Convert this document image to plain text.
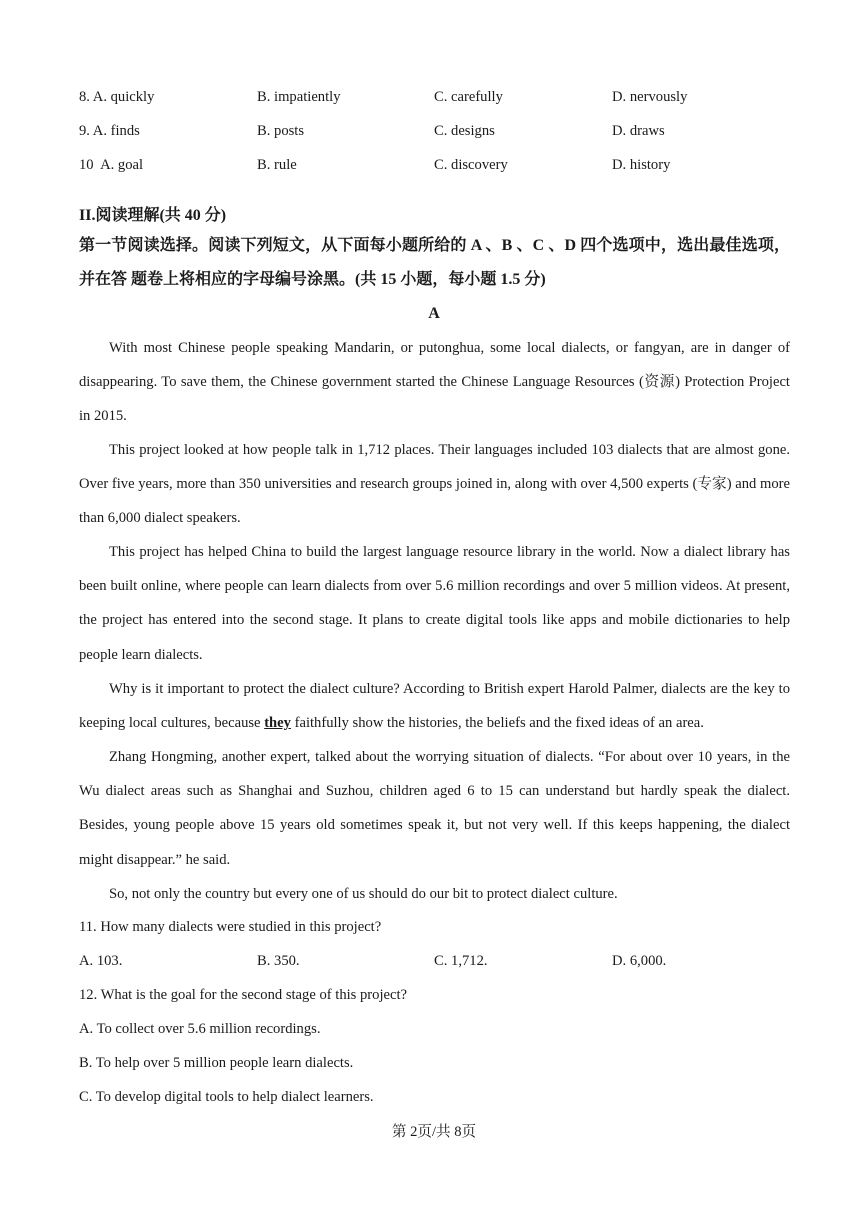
8. A. quickly	B. impatiently	C. carefully	D. nervously
9. A. finds	B. posts	C. designs	D. draws
10  A. goal	B. rule	C. discovery	D. history
II.阅读理解(共 40 分)
第一节阅读选择。阅读下列短文，从下面每小题所给的 A 、B 、C 、D 四个选项中，选出最佳选项，并在答 题卷上将相应的字母编号涂黑。(共 15 小题，每小题 1.5 分)
A
With most Chinese people speaking Mandarin, or putonghua, some local dialects, or fangyan, are in danger of disappearing. To save them, the Chinese government started the Chinese Language Resources (资源) Protection Project in 2015.
This project looked at how people talk in 1,712 places. Their languages included 103 dialects that are almost gone. Over five years, more than 350 universities and research groups joined in, along with over 4,500 experts (专家) and more than 6,000 dialect speakers.
This project has helped China to build the largest language resource library in the world. Now a dialect library has been built online, where people can learn dialects from over 5.6 million recordings and over 5 million videos. At present, the project has entered into the second stage. It plans to create digital tools like apps and mobile dictionaries to help people learn dialects.
Why is it important to protect the dialect culture? According to British expert Harold Palmer, dialects are the key to keeping local cultures, because they faithfully show the histories, the beliefs and the fixed ideas of an area.
Zhang Hongming, another expert, talked about the worrying situation of dialects. “For about over 10 years, in the Wu dialect areas such as Shanghai and Suzhou, children aged 6 to 15 can understand but hardly speak the dialect. Besides, young people above 15 years old sometimes speak it, but not very well. If this keeps happening, the dialect might disappear.” he said.
So, not only the country but every one of us should do our bit to protect dialect culture.
11. How many dialects were studied in this project?
A. 103.	B. 350.	C. 1,712.	D. 6,000.
12. What is the goal for the second stage of this project?
A. To collect over 5.6 million recordings.
B. To help over 5 million people learn dialects.
C. To develop digital tools to help dialect learners.
第 2页/共 8页
